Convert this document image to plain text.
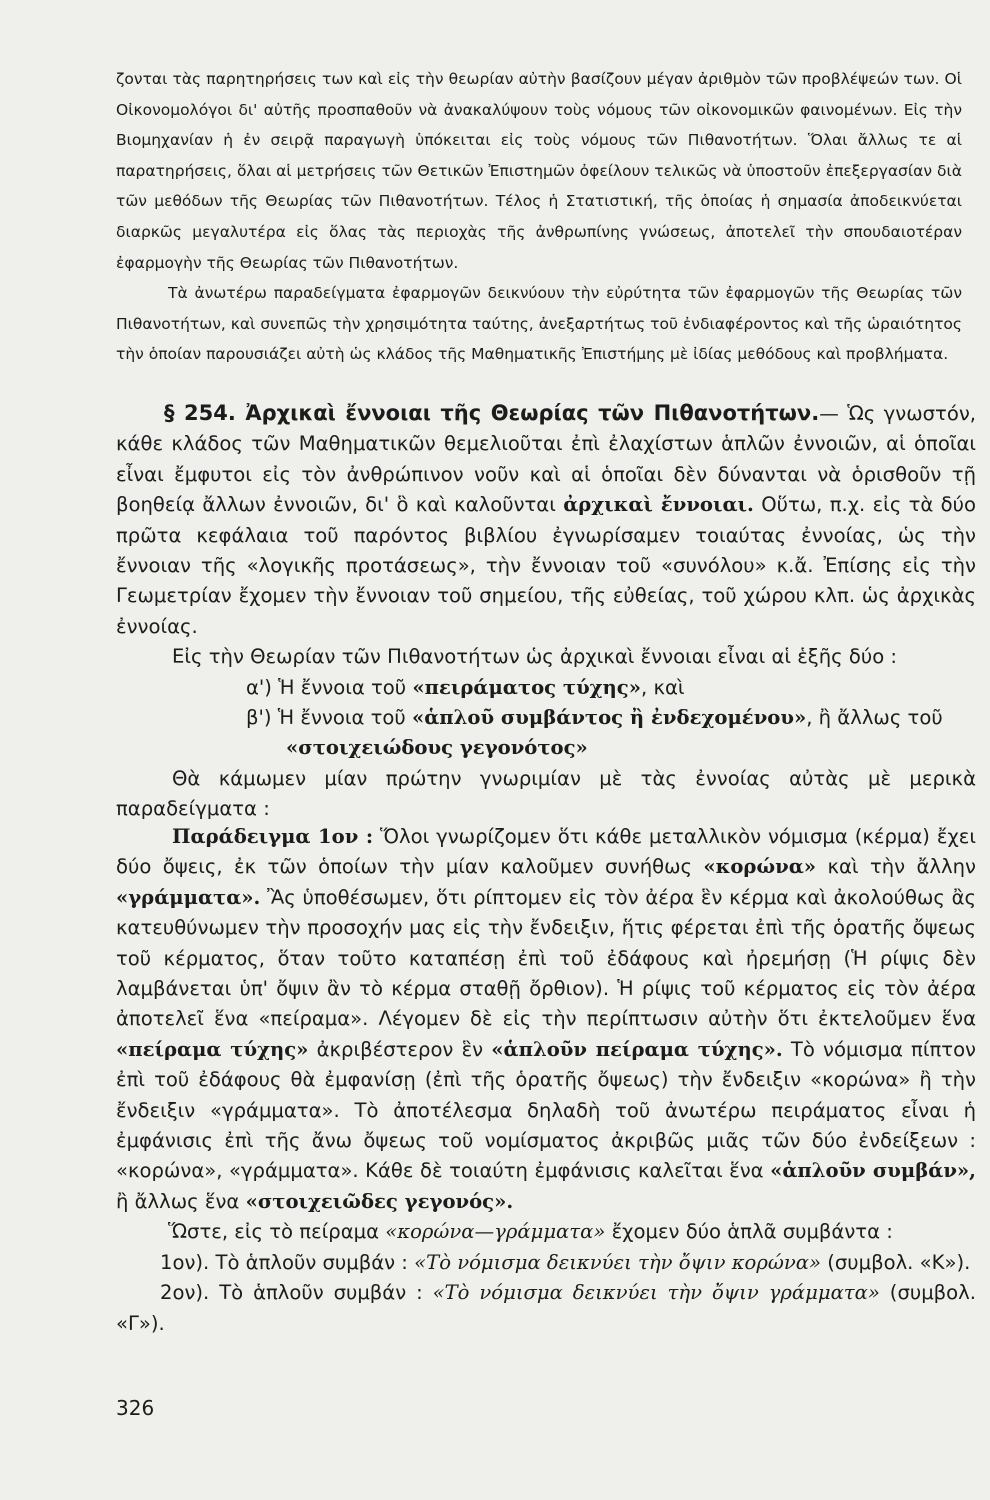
ζονται τὰς παρητηρήσεις των καὶ εἰς τὴν θεωρίαν αὐτὴν βασίζουν μέγαν ἀριθμὸν τῶν προβλέψεών των. Οἱ Οἰκονομολόγοι δι' αὐτῆς προσπαθοῦν νὰ ἀνακαλύψουν τοὺς νόμους τῶν οἰκονομικῶν φαινομένων. Εἰς τὴν Βιομηχανίαν ἡ ἐν σειρᾷ παραγωγὴ ὑπόκειται εἰς τοὺς νόμους τῶν Πιθανοτήτων. Ὅλαι ἄλλως τε αἱ παρατηρήσεις, ὅλαι αἱ μετρήσεις τῶν Θετικῶν Ἐπιστημῶν ὀφείλουν τελικῶς νὰ ὑποστοῦν ἐπεξεργασίαν διὰ τῶν μεθόδων τῆς Θεωρίας τῶν Πιθανοτήτων. Τέλος ἡ Στατιστική, τῆς ὁποίας ἡ σημασία ἀποδεικνύεται διαρκῶς μεγαλυτέρα εἰς ὅλας τὰς περιοχὰς τῆς ἀνθρωπίνης γνώσεως, ἀποτελεῖ τὴν σπουδαιοτέραν ἐφαρμογὴν τῆς Θεωρίας τῶν Πιθανοτήτων.

Τὰ ἀνωτέρω παραδείγματα ἐφαρμογῶν δεικνύουν τὴν εὐρύτητα τῶν ἐφαρμογῶν τῆς Θεωρίας τῶν Πιθανοτήτων, καὶ συνεπῶς τὴν χρησιμότητα ταύτης, ἀνεξαρτήτως τοῦ ἐνδιαφέροντος καὶ τῆς ὡραιότητος τὴν ὁποίαν παρουσιάζει αὐτὴ ὡς κλάδος τῆς Μαθηματικῆς Ἐπιστήμης μὲ ἰδίας μεθόδους καὶ προβλήματα.

§ 254. Ἀρχικαὶ ἔννοιαι τῆς Θεωρίας τῶν Πιθανοτήτων.— Ὡς γνωστόν, κάθε κλάδος τῶν Μαθηματικῶν θεμελιοῦται ἐπὶ ἐλαχίστων ἁπλῶν ἐννοιῶν, αἱ ὁποῖαι εἶναι ἔμφυτοι εἰς τὸν ἀνθρώπινον νοῦν καὶ αἱ ὁποῖαι δὲν δύνανται νὰ ὁρισθοῦν τῇ βοηθείᾳ ἄλλων ἐννοιῶν, δι' ὃ καὶ καλοῦνται ἀρχικαὶ ἔννοιαι. Οὕτω, π.χ. εἰς τὰ δύο πρῶτα κεφάλαια τοῦ παρόντος βιβλίου ἐγνωρίσαμεν τοιαύτας ἐννοίας, ὡς τὴν ἔννοιαν τῆς «λογικῆς προτάσεως», τὴν ἔννοιαν τοῦ «συνόλου» κ.ἄ. Ἐπίσης εἰς τὴν Γεωμετρίαν ἔχομεν τὴν ἔννοιαν τοῦ σημείου, τῆς εὐθείας, τοῦ χώρου κλπ. ὡς ἀρχικὰς ἐννοίας.

Εἰς τὴν Θεωρίαν τῶν Πιθανοτήτων ὡς ἀρχικαὶ ἔννοιαι εἶναι αἱ ἑξῆς δύο :

α') Ἡ ἔννοια τοῦ «πειράματος τύχης», καὶ

β') Ἡ ἔννοια τοῦ «ἁπλοῦ συμβάντος ἢ ἐνδεχομένου», ἢ ἄλλως τοῦ

«στοιχειώδους γεγονότος»

Θὰ κάμωμεν μίαν πρώτην γνωριμίαν μὲ τὰς ἐννοίας αὐτὰς μὲ μερικὰ παραδείγματα :

Παράδειγμα 1ον : Ὅλοι γνωρίζομεν ὅτι κάθε μεταλλικὸν νόμισμα (κέρμα) ἔχει δύο ὄψεις, ἐκ τῶν ὁποίων τὴν μίαν καλοῦμεν συνήθως «κορώνα» καὶ τὴν ἄλλην «γράμματα». Ἂς ὑποθέσωμεν, ὅτι ρίπτομεν εἰς τὸν ἀέρα ἓν κέρμα καὶ ἀκολούθως ἂς κατευθύνωμεν τὴν προσοχήν μας εἰς τὴν ἔνδειξιν, ἥτις φέρεται ἐπὶ τῆς ὁρατῆς ὄψεως τοῦ κέρματος, ὅταν τοῦτο καταπέσῃ ἐπὶ τοῦ ἐδάφους καὶ ἠρεμήσῃ (Ἡ ρίψις δὲν λαμβάνεται ὑπ' ὄψιν ἂν τὸ κέρμα σταθῇ ὄρθιον). Ἡ ρίψις τοῦ κέρματος εἰς τὸν ἀέρα ἀποτελεῖ ἕνα «πείραμα». Λέγομεν δὲ εἰς τὴν περίπτωσιν αὐτὴν ὅτι ἐκτελοῦμεν ἕνα «πείραμα τύχης» ἀκριβέστερον ἓν «ἁπλοῦν πείραμα τύχης». Τὸ νόμισμα πίπτον ἐπὶ τοῦ ἐδάφους θὰ ἐμφανίσῃ (ἐπὶ τῆς ὁρατῆς ὄψεως) τὴν ἔνδειξιν «κορώνα» ἢ τὴν ἔνδειξιν «γράμματα». Τὸ ἀποτέλεσμα δηλαδὴ τοῦ ἀνωτέρω πειράματος εἶναι ἡ ἐμφάνισις ἐπὶ τῆς ἄνω ὄψεως τοῦ νομίσματος ἀκριβῶς μιᾶς τῶν δύο ἐνδείξεων : «κορώνα», «γράμματα». Κάθε δὲ τοιαύτη ἐμφάνισις καλεῖται ἕνα «ἁπλοῦν συμβάν», ἢ ἄλλως ἕνα «στοιχειῶδες γεγονός».

Ὥστε, εἰς τὸ πείραμα «κορώνα—γράμματα» ἔχομεν δύο ἁπλᾶ συμβάντα :

1ον). Τὸ ἁπλοῦν συμβάν : «Τὸ νόμισμα δεικνύει τὴν ὄψιν κορώνα» (συμβολ. «Κ»).

2ον). Τὸ ἁπλοῦν συμβάν : «Τὸ νόμισμα δεικνύει τὴν ὄψιν γράμματα» (συμβολ. «Γ»).

326
